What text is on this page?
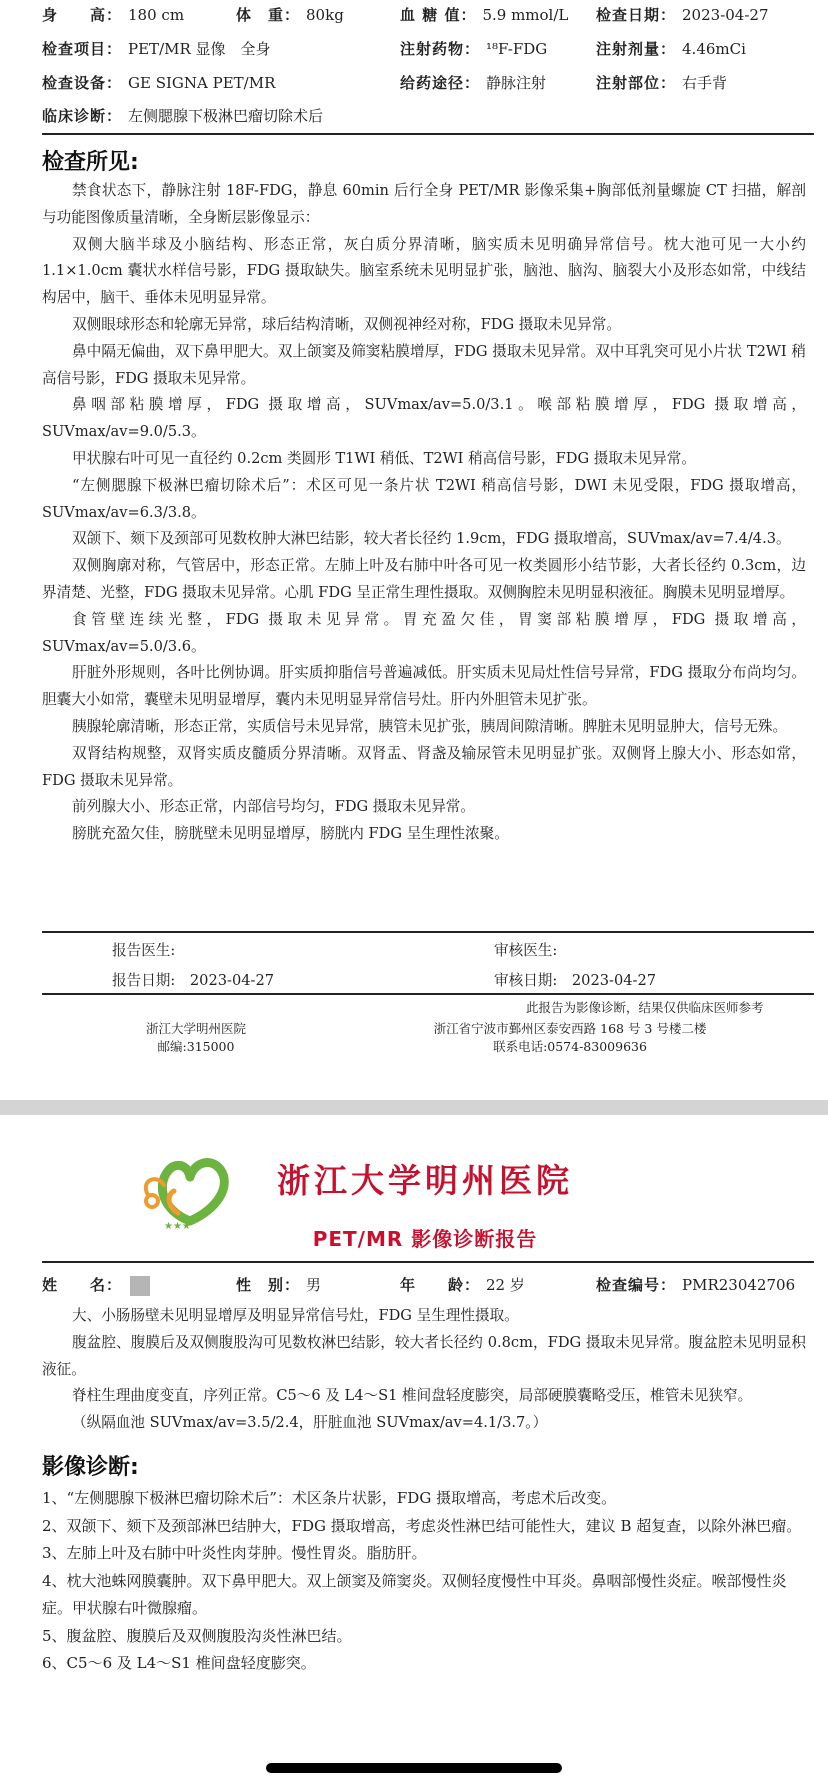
身　　高： 180 cm	体　重： 80kg	血 糖 值： 5.9 mmol/L 检查日期： 2023-04-27
检查项目： PET/MR 显像　全身	注射药物： ¹⁸F-FDG	注射剂量： 4.46mCi
检查设备： GE SIGNA PET/MR	给药途径： 静脉注射	注射部位： 右手背
临床诊断： 左侧腮腺下极淋巴瘤切除术后
检查所见:

禁食状态下，静脉注射 18F-FDG，静息 60min 后行全身 PET/MR 影像采集+胸部低剂量螺旋 CT 扫描，解剖与功能图像质量清晰，全身断层影像显示：

双侧大脑半球及小脑结构、形态正常，灰白质分界清晰，脑实质未见明确异常信号。枕大池可见一大小约 1.1×1.0cm 囊状水样信号影，FDG 摄取缺失。脑室系统未见明显扩张，脑池、脑沟、脑裂大小及形态如常，中线结构居中，脑干、垂体未见明显异常。

双侧眼球形态和轮廓无异常，球后结构清晰，双侧视神经对称，FDG 摄取未见异常。

鼻中隔无偏曲，双下鼻甲肥大。双上颌窦及筛窦粘膜增厚，FDG 摄取未见异常。双中耳乳突可见小片状 T2WI 稍高信号影，FDG 摄取未见异常。

鼻咽部粘膜增厚，FDG 摄取增高，SUVmax/av=5.0/3.1。喉部粘膜增厚，FDG 摄取增高，SUVmax/av=9.0/5.3。

甲状腺右叶可见一直径约 0.2cm 类圆形 T1WI 稍低、T2WI 稍高信号影，FDG 摄取未见异常。

“左侧腮腺下极淋巴瘤切除术后”：术区可见一条片状 T2WI 稍高信号影，DWI 未见受限，FDG 摄取增高，SUVmax/av=6.3/3.8。

双颌下、颏下及颈部可见数枚肿大淋巴结影，较大者长径约 1.9cm，FDG 摄取增高，SUVmax/av=7.4/4.3。

双侧胸廓对称，气管居中，形态正常。左肺上叶及右肺中叶各可见一枚类圆形小结节影，大者长径约 0.3cm，边界清楚、光整，FDG 摄取未见异常。心肌 FDG 呈正常生理性摄取。双侧胸腔未见明显积液征。胸膜未见明显增厚。

食管壁连续光整，FDG 摄取未见异常。胃充盈欠佳，胃窦部粘膜增厚，FDG 摄取增高，SUVmax/av=5.0/3.6。

肝脏外形规则，各叶比例协调。肝实质抑脂信号普遍减低。肝实质未见局灶性信号异常，FDG 摄取分布尚均匀。胆囊大小如常，囊壁未见明显增厚，囊内未见明显异常信号灶。肝内外胆管未见扩张。

胰腺轮廓清晰，形态正常，实质信号未见异常，胰管未见扩张，胰周间隙清晰。脾脏未见明显肿大，信号无殊。

双肾结构规整，双肾实质皮髓质分界清晰。双肾盂、肾盏及输尿管未见明显扩张。双侧肾上腺大小、形态如常，FDG 摄取未见异常。

前列腺大小、形态正常，内部信号均匀，FDG 摄取未见异常。

膀胱充盈欠佳，膀胱壁未见明显增厚，膀胱内 FDG 呈生理性浓聚。

报告医生:	审核医生:
报告日期:　2023-04-27	审核日期:　2023-04-27
此报告为影像诊断，结果仅供临床医师参考
浙江大学明州医院
邮编:315000
浙江省宁波市鄞州区泰安西路 168 号 3 号楼二楼
联系电话:0574-83009636
★★★
浙江大学明州医院
PET/MR 影像诊断报告
姓　　名：	性　别： 男	年　　龄： 22 岁	检查编号： PMR23042706

大、小肠肠壁未见明显增厚及明显异常信号灶，FDG 呈生理性摄取。

腹盆腔、腹膜后及双侧腹股沟可见数枚淋巴结影，较大者长径约 0.8cm，FDG 摄取未见异常。腹盆腔未见明显积液征。

脊柱生理曲度变直，序列正常。C5～6 及 L4～S1 椎间盘轻度膨突，局部硬膜囊略受压，椎管未见狭窄。

（纵隔血池 SUVmax/av=3.5/2.4，肝脏血池 SUVmax/av=4.1/3.7。）

影像诊断:

1、“左侧腮腺下极淋巴瘤切除术后”：术区条片状影，FDG 摄取增高，考虑术后改变。

2、双颌下、颏下及颈部淋巴结肿大，FDG 摄取增高，考虑炎性淋巴结可能性大，建议 B 超复查，以除外淋巴瘤。

3、左肺上叶及右肺中叶炎性肉芽肿。慢性胃炎。脂肪肝。

4、枕大池蛛网膜囊肿。双下鼻甲肥大。双上颌窦及筛窦炎。双侧轻度慢性中耳炎。鼻咽部慢性炎症。喉部慢性炎症。甲状腺右叶微腺瘤。

5、腹盆腔、腹膜后及双侧腹股沟炎性淋巴结。

6、C5～6 及 L4～S1 椎间盘轻度膨突。
